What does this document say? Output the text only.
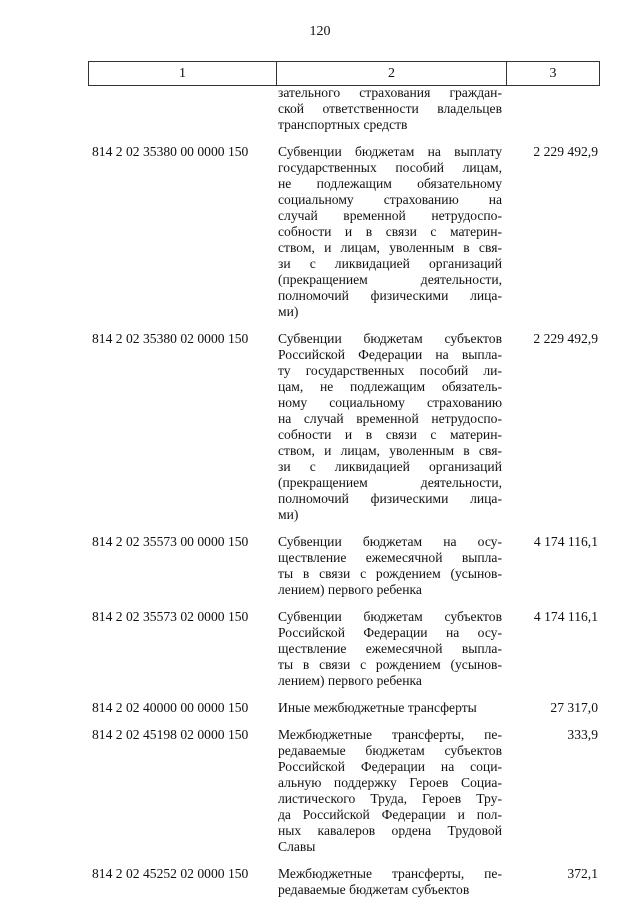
120
1	2	3
зательного страхования граждан-
ской ответственности владельцев
транспортных средств
814 2 02 35380 00 0000 150	Субвенции бюджетам на выплату
государственных пособий лицам,
не подлежащим обязательному
социальному страхованию на
случай временной нетрудоспо-
собности и в связи с материн-
ством, и лицам, уволенным в свя-
зи с ликвидацией организаций
(прекращением деятельности,
полномочий физическими лица-
ми)
2 229 492,9
814 2 02 35380 02 0000 150	Субвенции бюджетам субъектов
Российской Федерации на выпла-
ту государственных пособий ли-
цам, не подлежащим обязатель-
ному социальному страхованию
на случай временной нетрудоспо-
собности и в связи с материн-
ством, и лицам, уволенным в свя-
зи с ликвидацией организаций
(прекращением деятельности,
полномочий физическими лица-
ми)
2 229 492,9
814 2 02 35573 00 0000 150	Субвенции бюджетам на осу-
ществление ежемесячной выпла-
ты в связи с рождением (усынов-
лением) первого ребенка
4 174 116,1
814 2 02 35573 02 0000 150	Субвенции бюджетам субъектов
Российской Федерации на осу-
ществление ежемесячной выпла-
ты в связи с рождением (усынов-
лением) первого ребенка
4 174 116,1
814 2 02 40000 00 0000 150	Иные межбюджетные трансферты	27 317,0
814 2 02 45198 02 0000 150	Межбюджетные трансферты, пе-
редаваемые бюджетам субъектов
Российской Федерации на соци-
альную поддержку Героев Социа-
листического Труда, Героев Тру-
да Российской Федерации и пол-
ных кавалеров ордена Трудовой
Славы
333,9
814 2 02 45252 02 0000 150	Межбюджетные трансферты, пе-
редаваемые бюджетам субъектов
372,1
